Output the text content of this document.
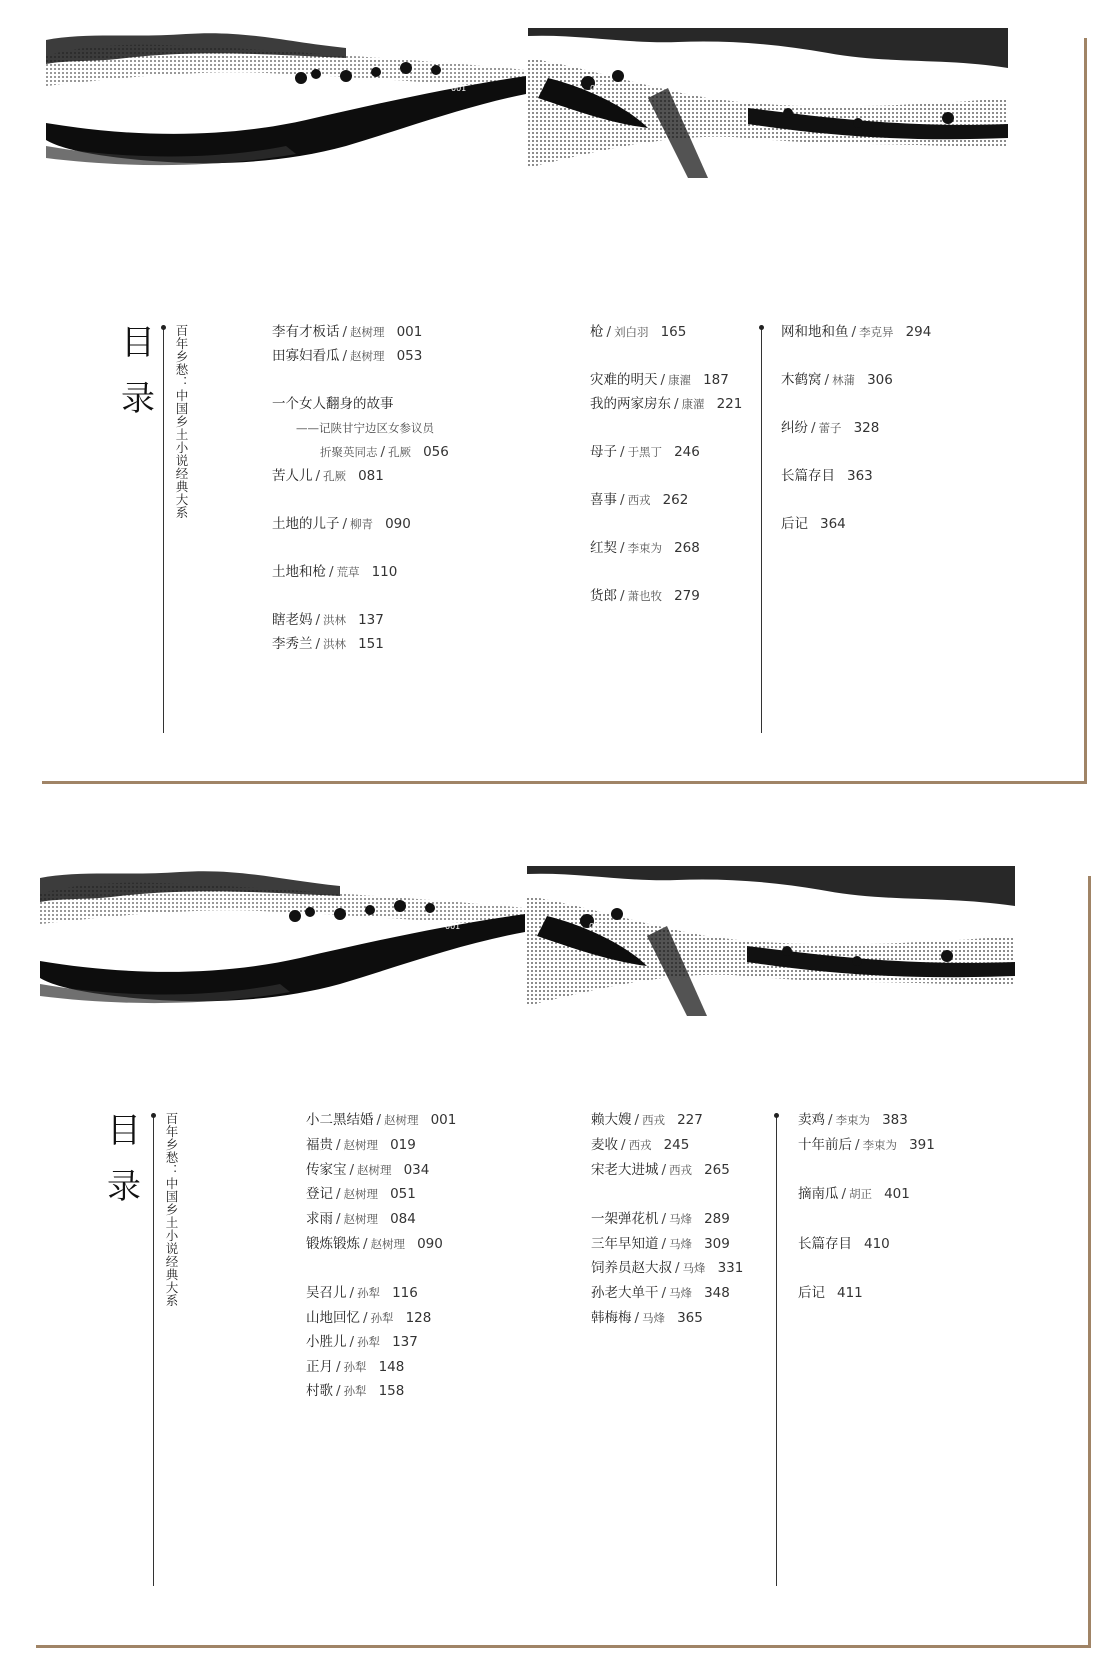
001	002
目
录 百年乡愁：中国乡土小说经典大系	李有才板话 / 赵树理 001
田寡妇看瓜 / 赵树理 053
一个女人翻身的故事
——记陕甘宁边区女参议员
折聚英同志 / 孔厥 056
苦人儿 / 孔厥 081
土地的儿子 / 柳青 090
土地和枪 / 荒草 110
瞎老妈 / 洪林 137
李秀兰 / 洪林 151
枪 / 刘白羽 165
灾难的明天 / 康濯 187
我的两家房东 / 康濯 221
母子 / 于黑丁 246
喜事 / 西戎 262
红契 / 李束为 268
货郎 / 萧也牧 279
网和地和鱼 / 李克异 294
木鹤窝 / 林蒲 306
纠纷 / 蕾子 328
长篇存目 363
后记 364
001	002
目
录 百年乡愁：中国乡土小说经典大系	小二黑结婚 / 赵树理 001
福贵 / 赵树理 019
传家宝 / 赵树理 034
登记 / 赵树理 051
求雨 / 赵树理 084
锻炼锻炼 / 赵树理 090
吴召儿 / 孙犁 116
山地回忆 / 孙犁 128
小胜儿 / 孙犁 137
正月 / 孙犁 148
村歌 / 孙犁 158
赖大嫂 / 西戎 227
麦收 / 西戎 245
宋老大进城 / 西戎 265
一架弹花机 / 马烽 289
三年早知道 / 马烽 309
饲养员赵大叔 / 马烽 331
孙老大单干 / 马烽 348
韩梅梅 / 马烽 365
卖鸡 / 李束为 383
十年前后 / 李束为 391
摘南瓜 / 胡正 401
长篇存目 410
后记 411
